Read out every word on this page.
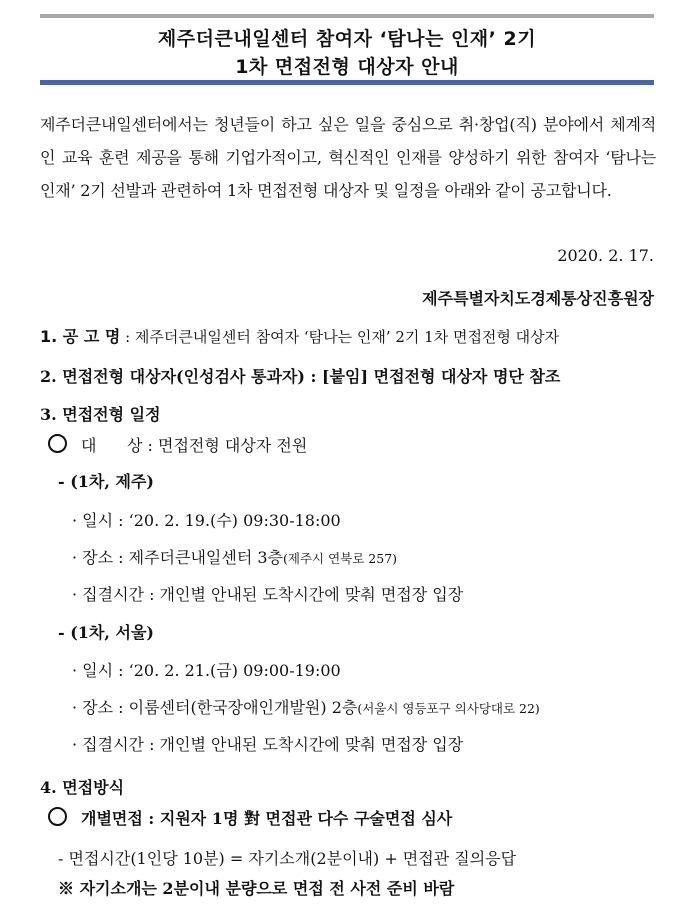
제주더큰내일센터 참여자 ‘탐나는 인재’ 2기
1차 면접전형 대상자 안내
제주더큰내일센터에서는 청년들이 하고 싶은 일을 중심으로 취·창업(직) 분야에서 체계적인 교육 훈련 제공을 통해 기업가적이고, 혁신적인 인재를 양성하기 위한 참여자 ‘탐나는 인재’ 2기 선발과 관련하여 1차 면접전형 대상자 및 일정을 아래와 같이 공고합니다.
2020. 2. 17.
제주특별자치도경제통상진흥원장
1. 공 고 명 : 제주더큰내일센터 참여자 ‘탐나는 인재’ 2기 1차 면접전형 대상자
2. 면접전형 대상자(인성검사 통과자) : [붙임] 면접전형 대상자 명단 참조
3. 면접전형 일정
대      상 : 면접전형 대상자 전원
- (1차, 제주)
· 일시 : ‘20. 2. 19.(수) 09:30-18:00
· 장소 : 제주더큰내일센터 3층(제주시 연북로 257)
· 집결시간 : 개인별 안내된 도착시간에 맞춰 면접장 입장
- (1차, 서울)
· 일시 : ‘20. 2. 21.(금) 09:00-19:00
· 장소 : 이룸센터(한국장애인개발원) 2층(서울시 영등포구 의사당대로 22)
· 집결시간 : 개인별 안내된 도착시간에 맞춰 면접장 입장
4. 면접방식
개별면접 : 지원자 1명 對 면접관 다수 구술면접 심사
- 면접시간(1인당 10분) = 자기소개(2분이내) + 면접관 질의응답
※ 자기소개는 2분이내 분량으로 면접 전 사전 준비 바람
